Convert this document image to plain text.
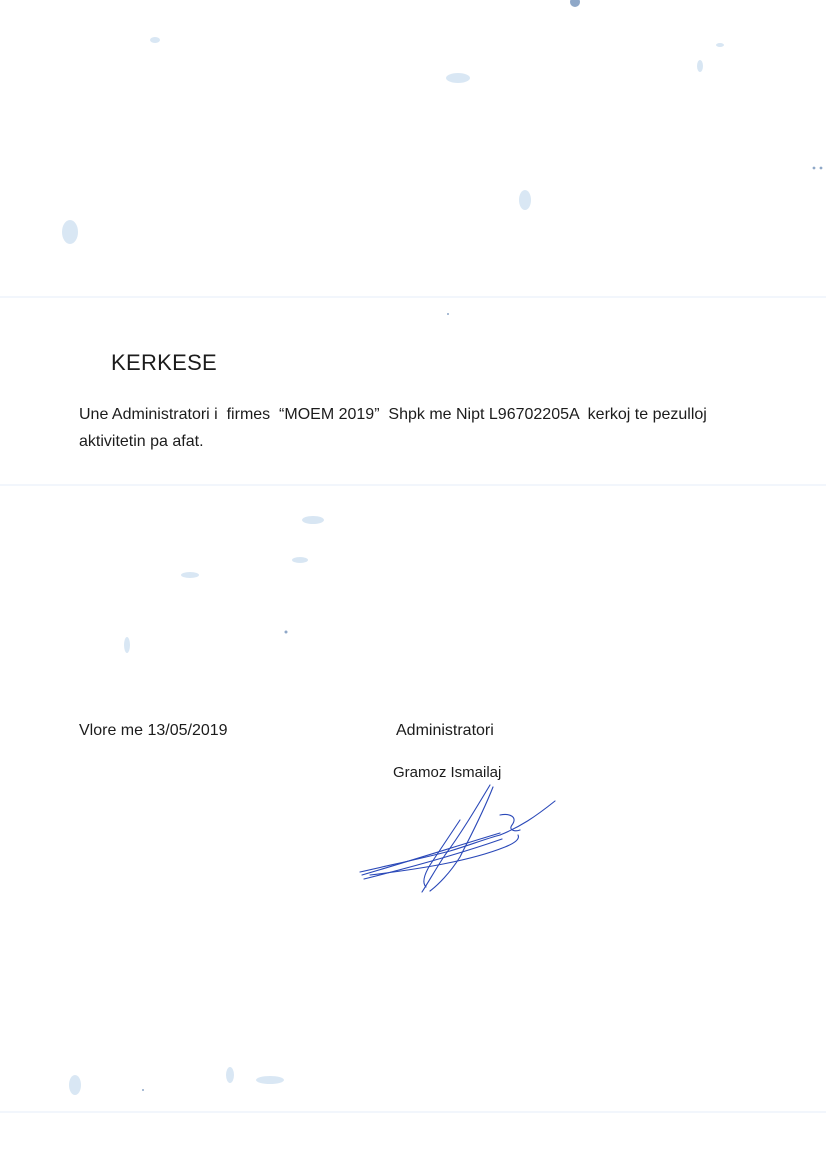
KERKESE

Une Administratori i  firmes  “MOEM 2019”  Shpk me Nipt L96702205A  kerkoj te pezulloj aktivitetin pa afat.

Vlore me 13/05/2019	Administratori
Gramoz Ismailaj
